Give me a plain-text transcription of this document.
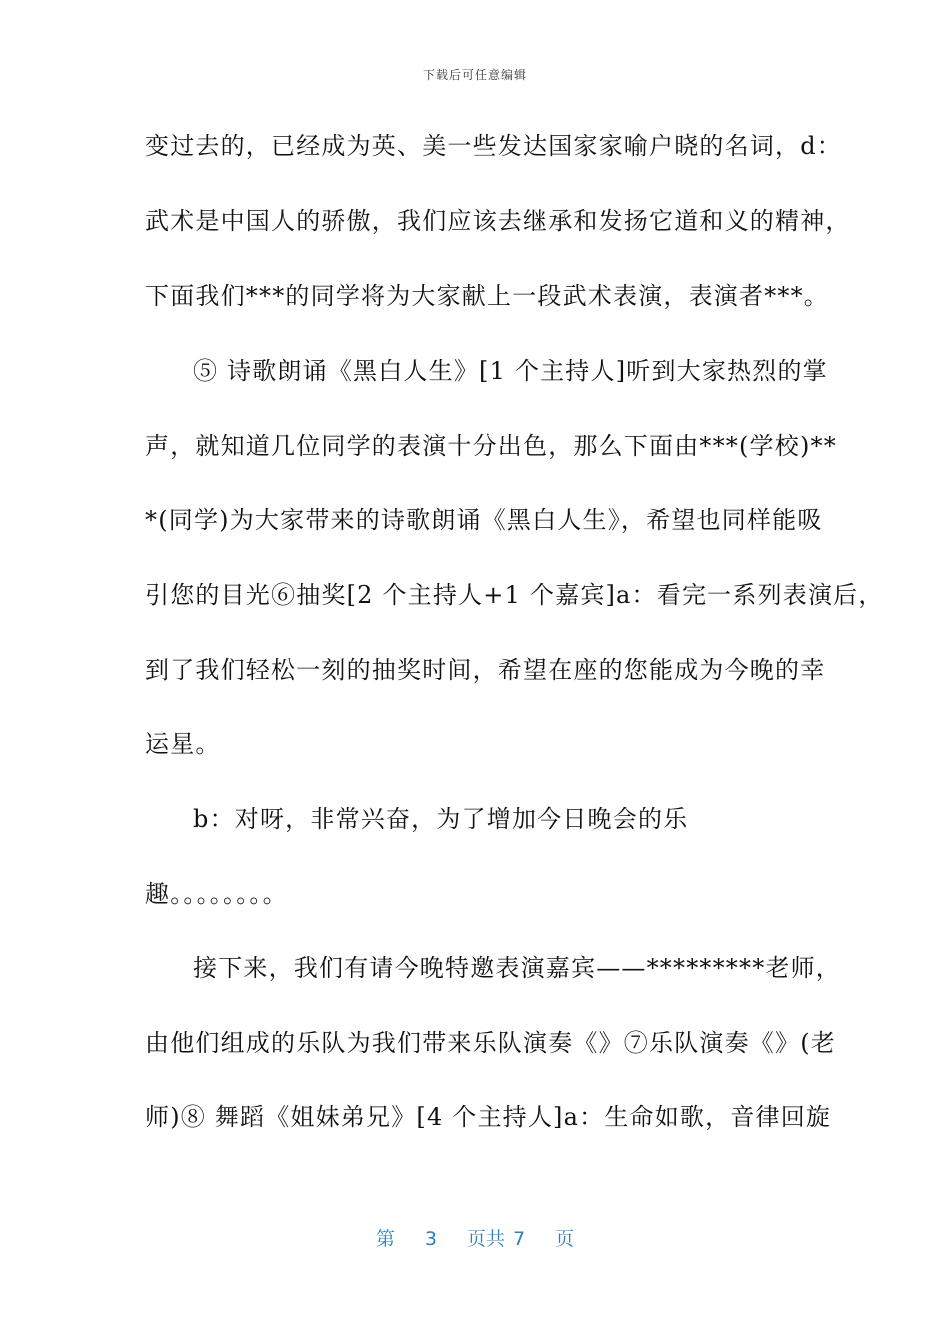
下载后可任意编辑
变过去的，已经成为英、美一些发达国家家喻户晓的名词，d：
武术是中国人的骄傲，我们应该去继承和发扬它道和义的精神，
下面我们***的同学将为大家献上一段武术表演，表演者***。
⑤ 诗歌朗诵《黑白人生》[1 个主持人]听到大家热烈的掌
声，就知道几位同学的表演十分出色，那么下面由***(学校)**
*(同学)为大家带来的诗歌朗诵《黑白人生》，希望也同样能吸
引您的目光⑥抽奖[2 个主持人+1 个嘉宾]a：看完一系列表演后，
到了我们轻松一刻的抽奖时间，希望在座的您能成为今晚的幸
运星。
b：对呀，非常兴奋，为了增加今日晚会的乐
趣。。。。。。。。
接下来，我们有请今晚特邀表演嘉宾——*********老师，
由他们组成的乐队为我们带来乐队演奏《》⑦乐队演奏《》(老
师)⑧ 舞蹈《姐妹弟兄》[4 个主持人]a：生命如歌，音律回旋
第 3 页共 7 页
